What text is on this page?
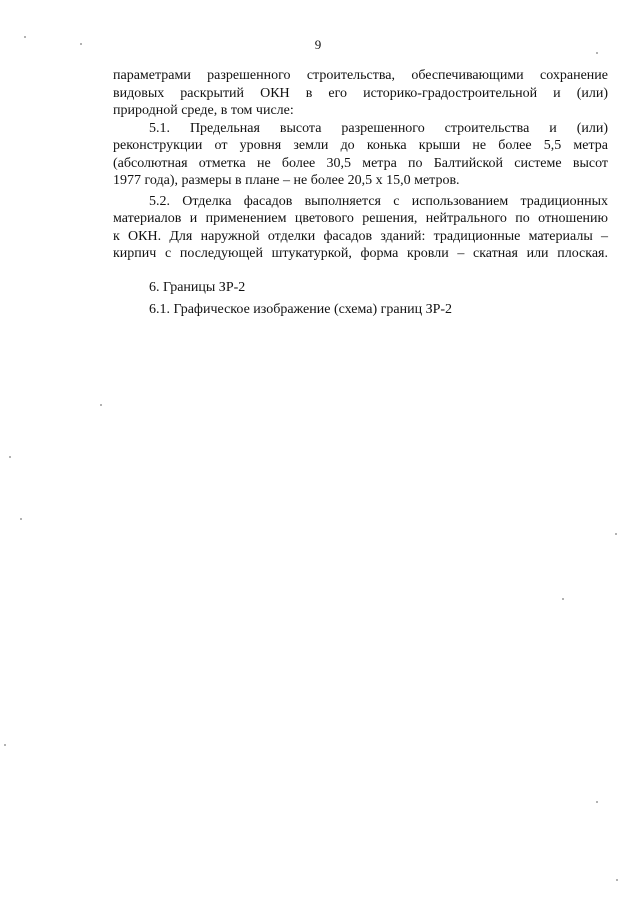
9
параметрами разрешенного строительства, обеспечивающими сохранение
видовых раскрытий ОКН в его историко-градостроительной и (или)
природной среде, в том числе:
5.1. Предельная высота разрешенного строительства и (или)
реконструкции от уровня земли до конька крыши не более 5,5 метра
(абсолютная отметка не более 30,5 метра по Балтийской системе высот
1977 года), размеры в плане – не более 20,5 х 15,0 метров.
5.2. Отделка фасадов выполняется с использованием традиционных
материалов и применением цветового решения, нейтрального по отношению
к ОКН. Для наружной отделки фасадов зданий: традиционные материалы –
кирпич с последующей штукатуркой, форма кровли – скатная или плоская.
6. Границы ЗР-2
6.1. Графическое изображение (схема) границ ЗР-2
